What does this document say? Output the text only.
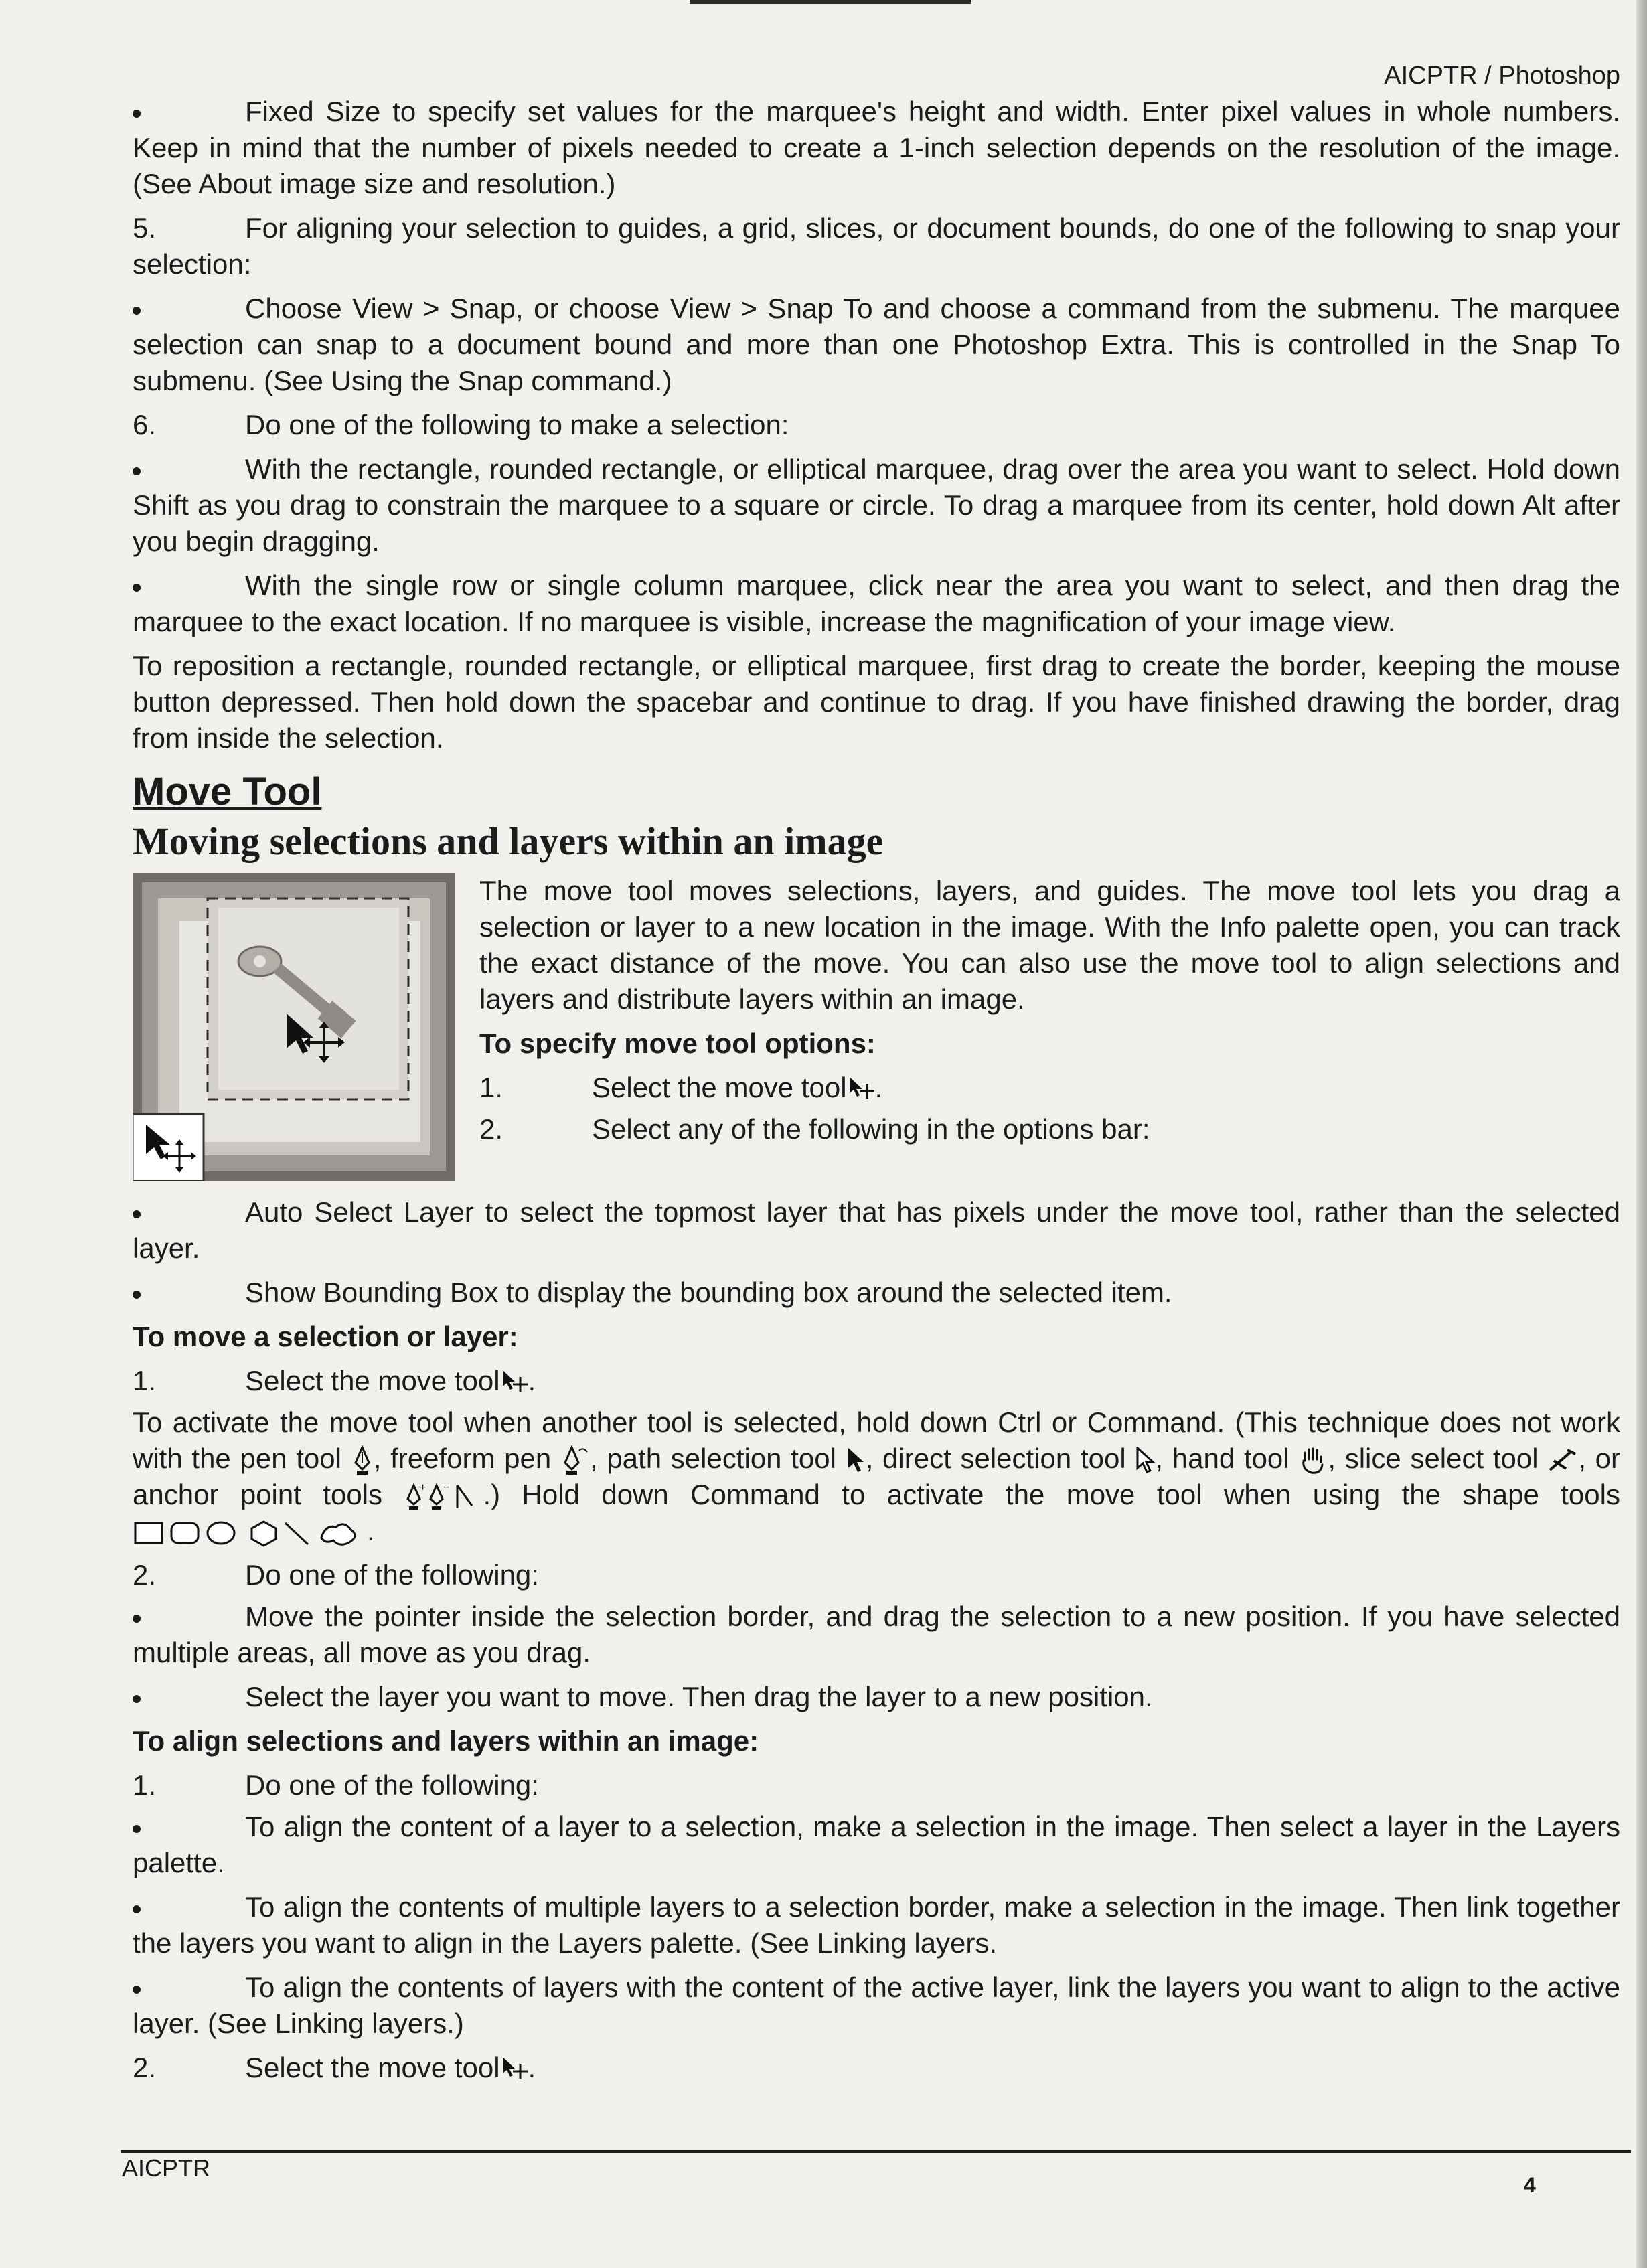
AICPTR / Photoshop

Fixed Size to specify set values for the marquee's height and width. Enter pixel values in whole numbers. Keep in mind that the number of pixels needed to create a 1-inch selection depends on the resolution of the image. (See About image size and resolution.)

5.	For aligning your selection to guides, a grid, slices, or document bounds, do one of the following to snap your selection:

Choose View > Snap, or choose View > Snap To and choose a command from the submenu. The marquee selection can snap to a document bound and more than one Photoshop Extra. This is controlled in the Snap To submenu. (See Using the Snap command.)

6.	Do one of the following to make a selection:

With the rectangle, rounded rectangle, or elliptical marquee, drag over the area you want to select. Hold down Shift as you drag to constrain the marquee to a square or circle. To drag a marquee from its center, hold down Alt after you begin dragging.

With the single row or single column marquee, click near the area you want to select, and then drag the marquee to the exact location. If no marquee is visible, increase the magnification of your image view.

To reposition a rectangle, rounded rectangle, or elliptical marquee, first drag to create the border, keeping the mouse button depressed. Then hold down the spacebar and continue to drag. If you have finished drawing the border, drag from inside the selection.

Move Tool
Moving selections and layers within an image

The move tool moves selections, layers, and guides. The move tool lets you drag a selection or layer to a new location in the image. With the Info palette open, you can track the exact distance of the move. You can also use the move tool to align selections and layers and distribute layers within an image.

To specify move tool options:
1.	Select the move tool .
2.	Select any of the following in the options bar:

Auto Select Layer to select the topmost layer that has pixels under the move tool, rather than the selected layer.

Show Bounding Box to display the bounding box around the selected item.

To move a selection or layer:
1.	Select the move tool .

To activate the move tool when another tool is selected, hold down Ctrl or Command. (This technique does not work with the pen tool , freeform pen , path selection tool , direct selection tool , hand tool , slice select tool , or anchor point tools	+ − .) Hold down Command to activate the move tool when using the shape tools .

2.	Do one of the following:

Move the pointer inside the selection border, and drag the selection to a new position. If you have selected multiple areas, all move as you drag.

Select the layer you want to move. Then drag the layer to a new position.

To align selections and layers within an image:
1.	Do one of the following:

To align the content of a layer to a selection, make a selection in the image. Then select a layer in the Layers palette.

To align the contents of multiple layers to a selection border, make a selection in the image. Then link together the layers you want to align in the Layers palette. (See Linking layers.

To align the contents of layers with the content of the active layer, link the layers you want to align to the active layer. (See Linking layers.)

2.	Select the move tool .
AICPTR
4
